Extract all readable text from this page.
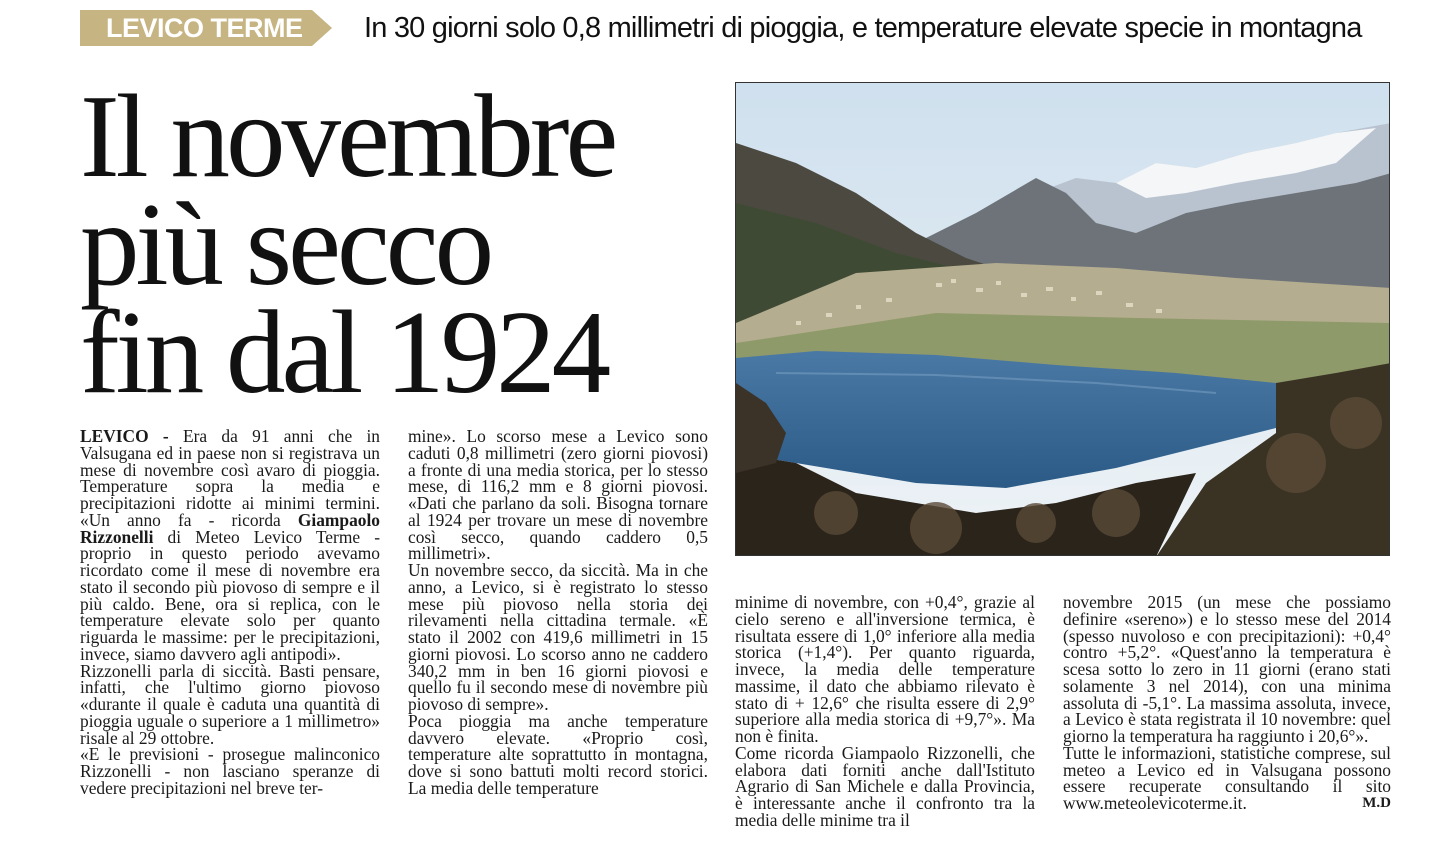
LEVICO TERME	In 30 giorni solo 0,8 millimetri di pioggia, e temperature elevate specie in montagna
Il novembre
più secco
fin dal 1924

LEVICO - Era da 91 anni che in Valsugana ed in paese non si registrava un mese di novembre così avaro di pioggia. Temperature sopra la media e precipitazioni ridotte ai minimi termini. «Un anno fa - ricorda Giampaolo Rizzonelli di Meteo Levico Terme - proprio in questo periodo avevamo ricordato come il mese di novembre era stato il secondo più piovoso di sempre e il più caldo. Bene, ora si replica, con le temperature elevate solo per quanto riguarda le massime: per le precipitazioni, invece, siamo davvero agli antipodi».

Rizzonelli parla di siccità. Basti pensare, infatti, che l'ultimo giorno piovoso «durante il quale è caduta una quantità di pioggia uguale o superiore a 1 millimetro» risale al 29 ottobre.

«E le previsioni - prosegue malinconico Rizzonelli - non lasciano speranze di vedere precipitazioni nel breve ter-

mine». Lo scorso mese a Levico sono caduti 0,8 millimetri (zero giorni piovosi) a fronte di una media storica, per lo stesso mese, di 116,2 mm e 8 giorni piovosi. «Dati che parlano da soli. Bisogna tornare al 1924 per trovare un mese di novembre così secco, quando caddero 0,5 millimetri».

Un novembre secco, da siccità. Ma in che anno, a Levico, si è registrato lo stesso mese più piovoso nella storia dei rilevamenti nella cittadina termale. «È stato il 2002 con 419,6 millimetri in 15 giorni piovosi. Lo scorso anno ne caddero 340,2 mm in ben 16 giorni piovosi e quello fu il secondo mese di novembre più piovoso di sempre».

Poca pioggia ma anche temperature davvero elevate. «Proprio così, temperature alte soprattutto in montagna, dove si sono battuti molti record storici. La media delle temperature

minime di novembre, con +0,4°, grazie al cielo sereno e all'inversione termica, è risultata essere di 1,0° inferiore alla media storica (+1,4°). Per quanto riguarda, invece, la media delle temperature massime, il dato che abbiamo rilevato è stato di + 12,6° che risulta essere di 2,9° superiore alla media storica di +9,7°». Ma non è finita.

Come ricorda Giampaolo Rizzonelli, che elabora dati forniti anche dall'Istituto Agrario di San Michele e dalla Provincia, è interessante anche il confronto tra la media delle minime tra il

novembre 2015 (un mese che possiamo definire «sereno») e lo stesso mese del 2014 (spesso nuvoloso e con precipitazioni): +0,4° contro +5,2°. «Quest'anno la temperatura è scesa sotto lo zero in 11 giorni (erano stati solamente 3 nel 2014), con una minima assoluta di -5,1°. La massima assoluta, invece, a Levico è stata registrata il 10 novembre: quel giorno la temperatura ha raggiunto i 20,6°».

Tutte le informazioni, statistiche comprese, sul meteo a Levico ed in Valsugana possono essere recuperate consultando il sito www.meteolevicoterme.it.	M.D
